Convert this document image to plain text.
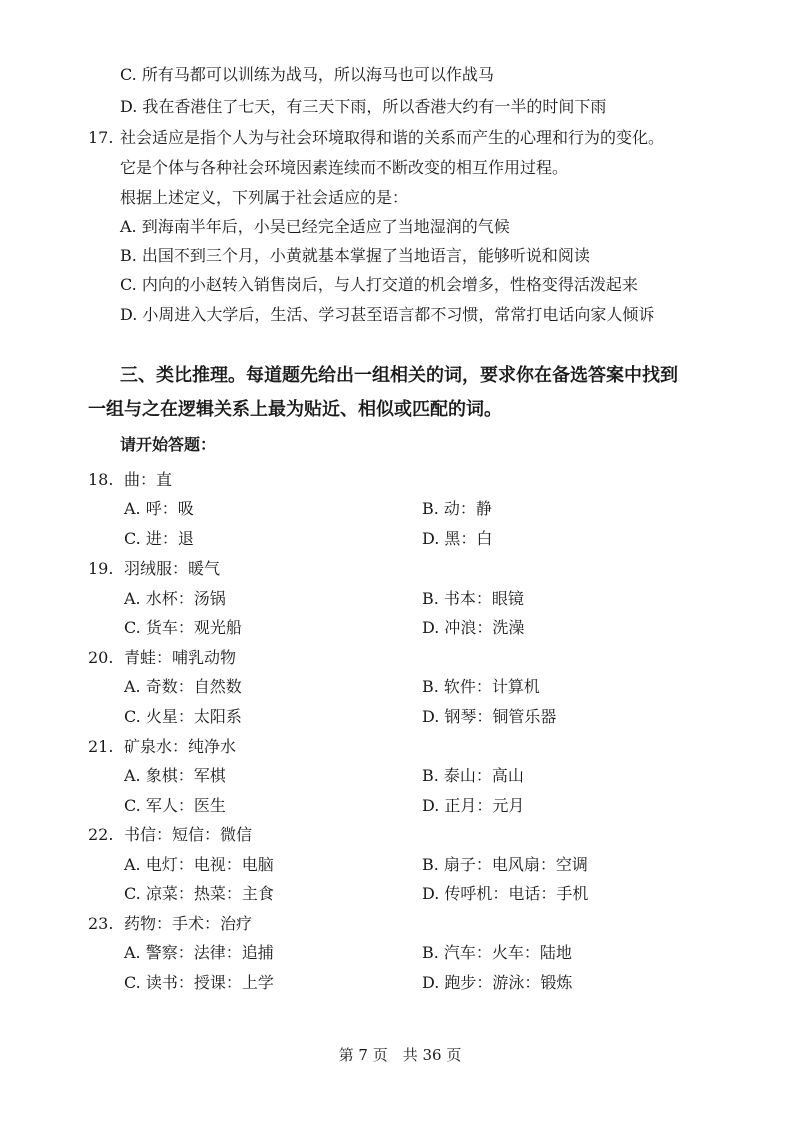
C. 所有马都可以训练为战马，所以海马也可以作战马
D. 我在香港住了七天，有三天下雨，所以香港大约有一半的时间下雨
17. 社会适应是指个人为与社会环境取得和谐的关系而产生的心理和行为的变化。
它是个体与各种社会环境因素连续而不断改变的相互作用过程。
根据上述定义，下列属于社会适应的是：
A. 到海南半年后，小吴已经完全适应了当地湿润的气候
B. 出国不到三个月，小黄就基本掌握了当地语言，能够听说和阅读
C. 内向的小赵转入销售岗后，与人打交道的机会增多，性格变得活泼起来
D. 小周进入大学后，生活、学习甚至语言都不习惯，常常打电话向家人倾诉
三、类比推理。每道题先给出一组相关的词，要求你在备选答案中找到
一组与之在逻辑关系上最为贴近、相似或匹配的词。
请开始答题：
18. 曲：直
A. 呼：吸	B. 动：静
C. 进：退	D. 黑：白
19. 羽绒服：暖气
A. 水杯：汤锅	B. 书本：眼镜
C. 货车：观光船	D. 冲浪：洗澡
20. 青蛙：哺乳动物
A. 奇数：自然数	B. 软件：计算机
C. 火星：太阳系	D. 钢琴：铜管乐器
21. 矿泉水：纯净水
A. 象棋：军棋	B. 泰山：高山
C. 军人：医生	D. 正月：元月
22. 书信：短信：微信
A. 电灯：电视：电脑	B. 扇子：电风扇：空调
C. 凉菜：热菜：主食	D. 传呼机：电话：手机
23. 药物：手术：治疗
A. 警察：法律：追捕	B. 汽车：火车：陆地
C. 读书：授课：上学	D. 跑步：游泳：锻炼
第 7 页　共 36 页
